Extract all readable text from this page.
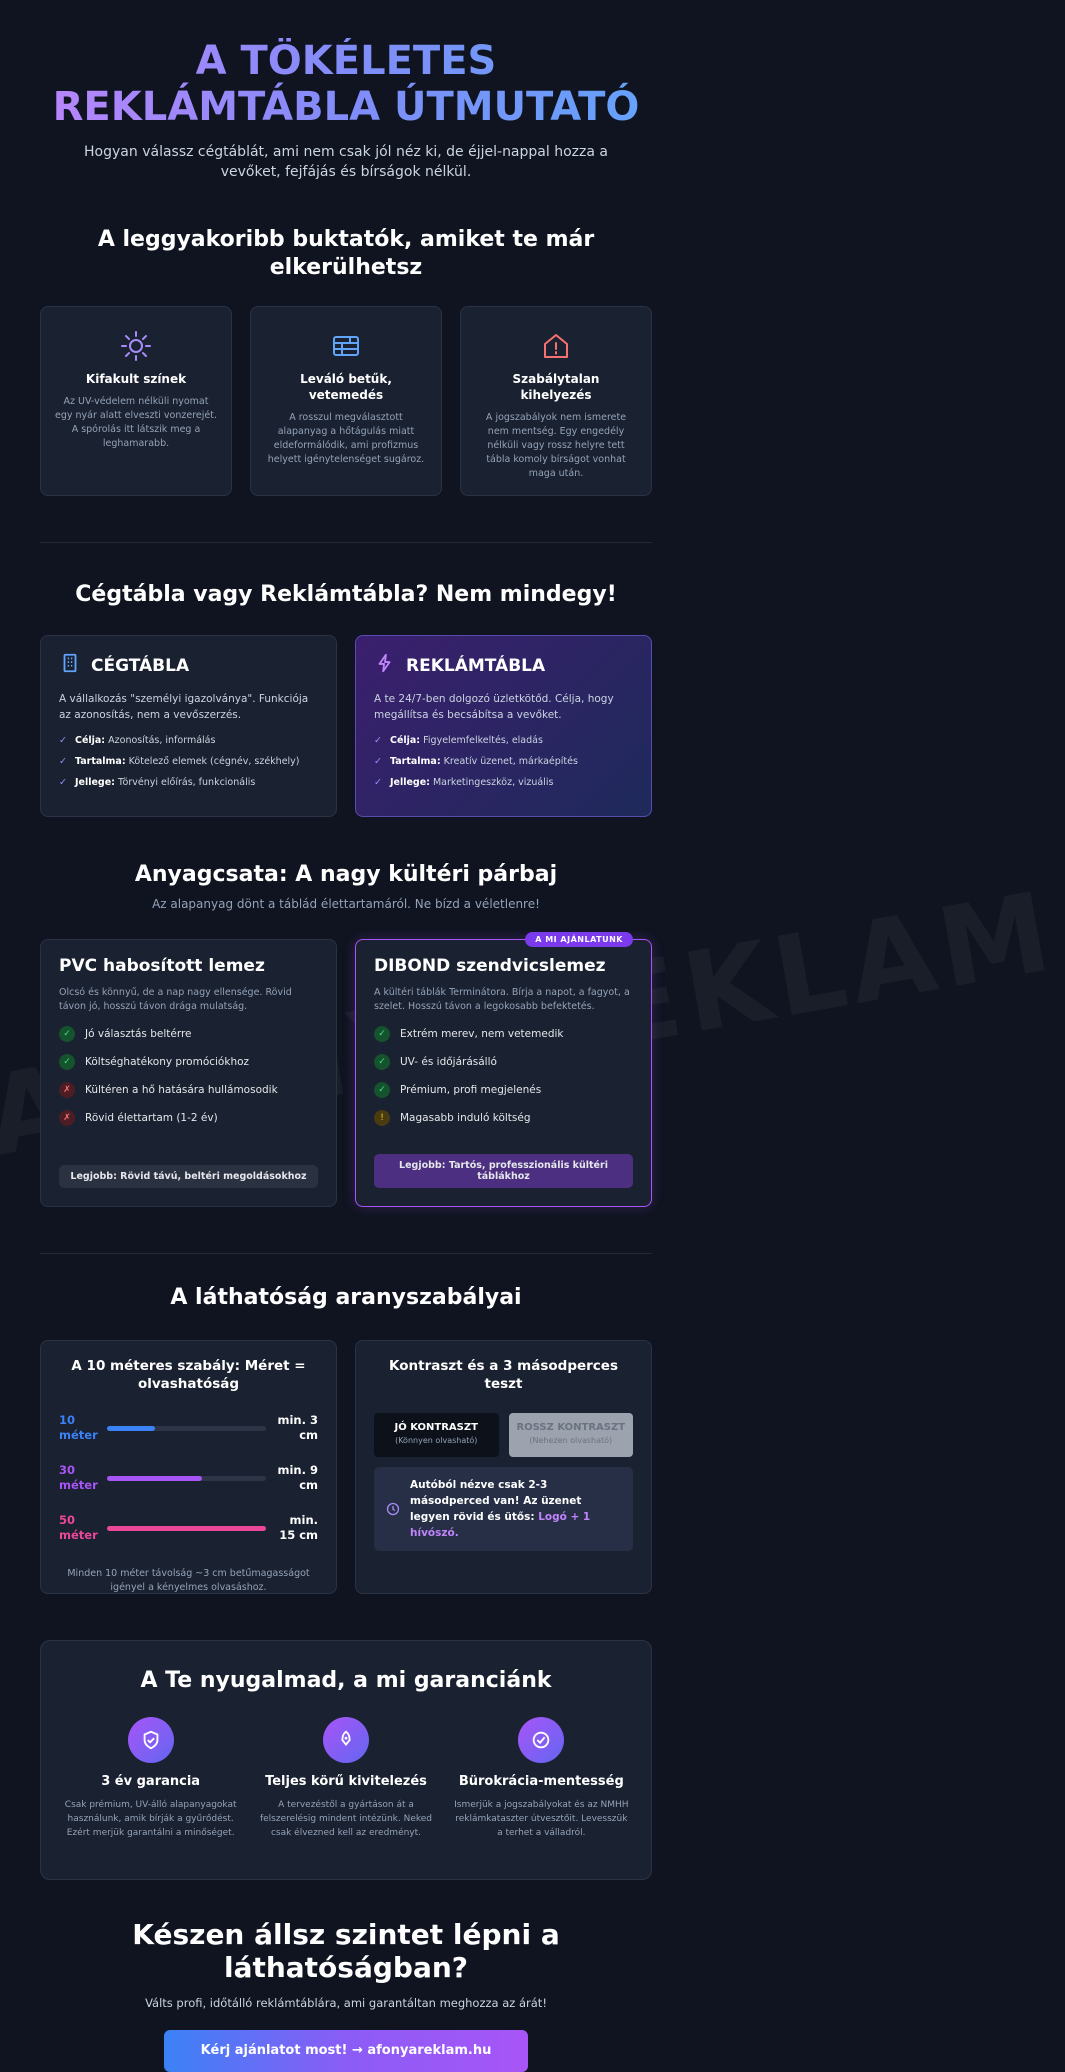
A TÖKÉLETES
REKLÁMTÁBLA ÚTMUTATÓ

Hogyan válassz cégtáblát, ami nem csak jól néz ki, de éjjel-nappal hozza a vevőket, fejfájás és bírságok nélkül.

A leggyakoribb buktatók, amiket te már elkerülhetsz
Kifakult színek

Az UV-védelem nélküli nyomat egy nyár alatt elveszti vonzerejét. A spórolás itt látszik meg a leghamarabb.

Leváló betűk, vetemedés

A rosszul megválasztott alapanyag a hőtágulás miatt eldeformálódik, ami profizmus helyett igénytelenséget sugároz.

Szabálytalan kihelyezés

A jogszabályok nem ismerete nem mentség. Egy engedély nélküli vagy rossz helyre tett tábla komoly bírságot vonhat maga után.

Cégtábla vagy Reklámtábla? Nem mindegy!
CÉGTÁBLA

A vállalkozás "személyi igazolványa". Funkciója az azonosítás, nem a vevőszerzés.

✓ Célja: Azonosítás, informálás
✓ Tartalma: Kötelező elemek (cégnév, székhely)
✓ Jellege: Törvényi előírás, funkcionális
REKLÁMTÁBLA

A te 24/7-ben dolgozó üzletkötőd. Célja, hogy megállítsa és becsábítsa a vevőket.

✓ Célja: Figyelemfelkeltés, eladás
✓ Tartalma: Kreatív üzenet, márkaépítés
✓ Jellege: Marketingeszköz, vizuális
Anyagcsata: A nagy kültéri párbaj

Az alapanyag dönt a táblád élettartamáról. Ne bízd a véletlenre!

PVC habosított lemez

Olcsó és könnyű, de a nap nagy ellensége. Rövid távon jó, hosszú távon drága mulatság.

✓	Jó választás beltérre
✓	Költséghatékony promóciókhoz
✗	Kültéren a hő hatására hullámosodik
✗	Rövid élettartam (1-2 év)
Legjobb: Rövid távú, beltéri megoldásokhoz
A MI AJÁNLATUNK
DIBOND szendvicslemez

A kültéri táblák Terminátora. Bírja a napot, a fagyot, a szelet. Hosszú távon a legokosabb befektetés.

✓	Extrém merev, nem vetemedik
✓	UV- és időjárásálló
✓	Prémium, profi megjelenés
!	Magasabb induló költség
Legjobb: Tartós, professzionális kültéri táblákhoz
A láthatóság aranyszabályai
A 10 méteres szabály: Méret = olvashatóság
10 méter
min. 3 cm
30 méter
min. 9 cm
50 méter
min. 15 cm

Minden 10 méter távolság ~3 cm betűmagasságot igényel a kényelmes olvasáshoz.

Kontraszt és a 3 másodperces teszt
JÓ KONTRASZT
(Könnyen olvasható)
ROSSZ KONTRASZT
(Nehezen olvasható)
Autóból nézve csak 2-3 másodperced van! Az üzenet legyen rövid és ütős: Logó + 1 hívószó.
A Te nyugalmad, a mi garanciánk
3 év garancia

Csak prémium, UV-álló alapanyagokat használunk, amik bírják a gyűrődést. Ezért merjük garantálni a minőséget.

Teljes körű kivitelezés

A tervezéstől a gyártáson át a felszerelésig mindent intézünk. Neked csak élvezned kell az eredményt.

Bürokrácia-mentesség

Ismerjük a jogszabályokat és az NMHH reklámkataszter útvesztőit. Levesszük a terhet a válladról.

Készen állsz szintet lépni a láthatóságban?

Válts profi, időtálló reklámtáblára, ami garantáltan meghozza az árát!

Kérj ajánlatot most! → afonyareklam.hu
